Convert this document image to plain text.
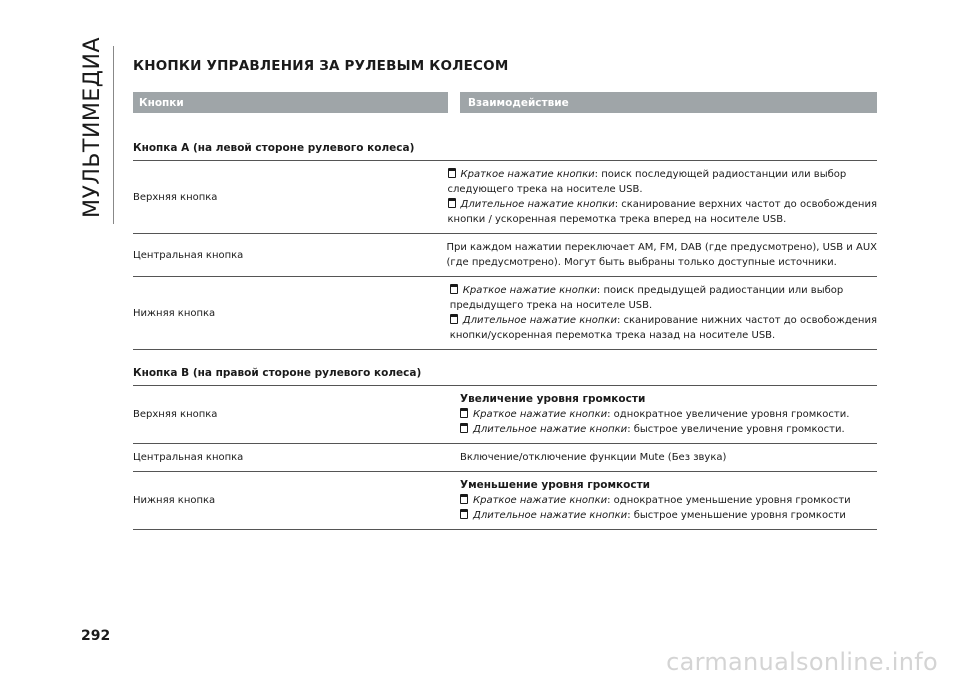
МУЛЬТИМЕДИА КНОПКИ УПРАВЛЕНИЯ ЗА РУЛЕВЫМ КОЛЕСОМ
Кнопки	Взаимодействие
Кнопка A (на левой стороне рулевого колеса)
Верхняя кнопка
Краткое нажатие кнопки: поиск последующей радиостанции или выбор
следующего трека на носителе USB.
Длительное нажатие кнопки: сканирование верхних частот до освобождения
кнопки / ускоренная перемотка трека вперед на носителе USB.
Центральная кнопка
При каждом нажатии переключает AM, FM, DAB (где предусмотрено), USB и AUX
(где предусмотрено). Могут быть выбраны только доступные источники.
Нижняя кнопка
Краткое нажатие кнопки: поиск предыдущей радиостанции или выбор
предыдущего трека на носителе USB.
Длительное нажатие кнопки: сканирование нижних частот до освобождения
кнопки/ускоренная перемотка трека назад на носителе USB.
Кнопка B (на правой стороне рулевого колеса)
Верхняя кнопка
Увеличение уровня громкости
Краткое нажатие кнопки: однократное увеличение уровня громкости.
Длительное нажатие кнопки: быстрое увеличение уровня громкости.
Центральная кнопка	Включение/отключение функции Mute (Без звука)
Нижняя кнопка
Уменьшение уровня громкости
Краткое нажатие кнопки: однократное уменьшение уровня громкости
Длительное нажатие кнопки: быстрое уменьшение уровня громкости
292
carmanualsonline.info
